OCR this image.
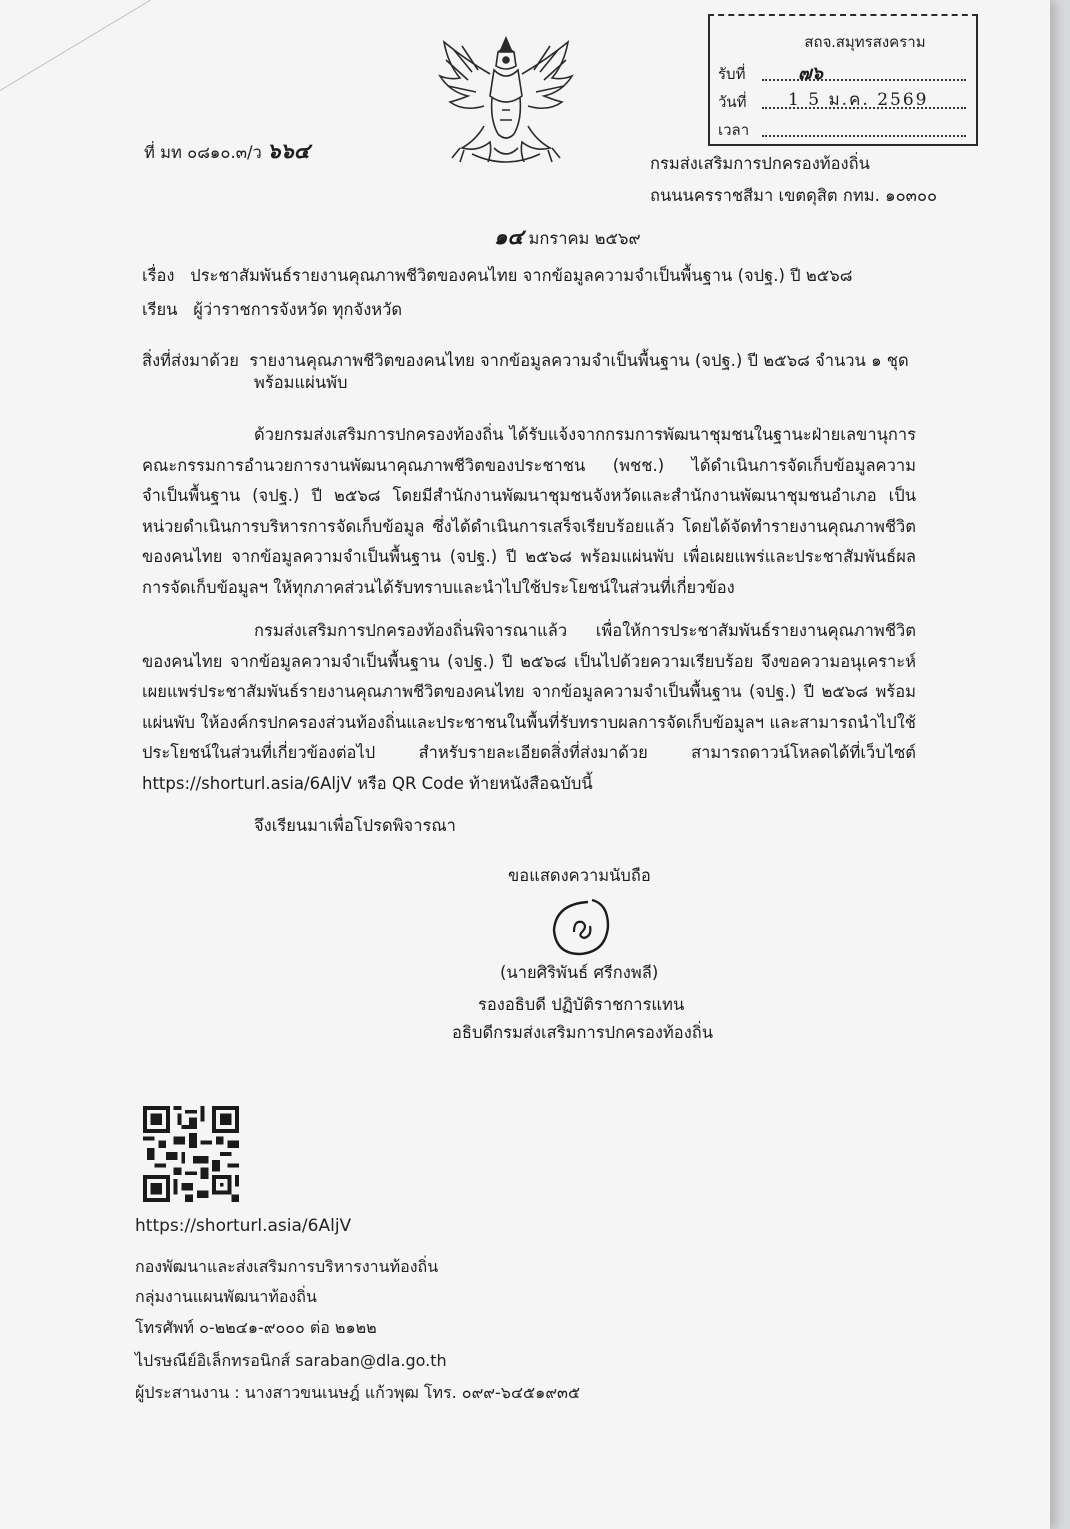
สถจ.สมุทรสงคราม
รับที่	๗๖
วันที่ 1 5 ม.ค. 2569
เวลา
ที่ มท ๐๘๑๐.๓/ว ๖๖๔
กรมส่งเสริมการปกครองท้องถิ่น
ถนนนครราชสีมา เขตดุสิต กทม. ๑๐๓๐๐
๑๔ มกราคม ๒๕๖๙
เรื่อง ประชาสัมพันธ์รายงานคุณภาพชีวิตของคนไทย จากข้อมูลความจำเป็นพื้นฐาน (จปฐ.) ปี ๒๕๖๘
เรียน ผู้ว่าราชการจังหวัด ทุกจังหวัด
สิ่งที่ส่งมาด้วย รายงานคุณภาพชีวิตของคนไทย จากข้อมูลความจำเป็นพื้นฐาน (จปฐ.) ปี ๒๕๖๘ จำนวน ๑ ชุด
พร้อมแผ่นพับ
ด้วยกรมส่งเสริมการปกครองท้องถิ่น ได้รับแจ้งจากกรมการพัฒนาชุมชนในฐานะฝ่ายเลขานุการคณะกรรมการอำนวยการงานพัฒนาคุณภาพชีวิตของประชาชน (พชช.) ได้ดำเนินการจัดเก็บข้อมูลความจำเป็นพื้นฐาน (จปฐ.) ปี ๒๕๖๘ โดยมีสำนักงานพัฒนาชุมชนจังหวัดและสำนักงานพัฒนาชุมชนอำเภอ เป็นหน่วยดำเนินการบริหารการจัดเก็บข้อมูล ซึ่งได้ดำเนินการเสร็จเรียบร้อยแล้ว โดยได้จัดทำรายงานคุณภาพชีวิตของคนไทย จากข้อมูลความจำเป็นพื้นฐาน (จปฐ.) ปี ๒๕๖๘ พร้อมแผ่นพับ เพื่อเผยแพร่และประชาสัมพันธ์ผลการจัดเก็บข้อมูลฯ ให้ทุกภาคส่วนได้รับทราบและนำไปใช้ประโยชน์ในส่วนที่เกี่ยวข้อง
กรมส่งเสริมการปกครองท้องถิ่นพิจารณาแล้ว เพื่อให้การประชาสัมพันธ์รายงานคุณภาพชีวิตของคนไทย จากข้อมูลความจำเป็นพื้นฐาน (จปฐ.) ปี ๒๕๖๘ เป็นไปด้วยความเรียบร้อย จึงขอความอนุเคราะห์เผยแพร่ประชาสัมพันธ์รายงานคุณภาพชีวิตของคนไทย จากข้อมูลความจำเป็นพื้นฐาน (จปฐ.) ปี ๒๕๖๘ พร้อมแผ่นพับ ให้องค์กรปกครองส่วนท้องถิ่นและประชาชนในพื้นที่รับทราบผลการจัดเก็บข้อมูลฯ และสามารถนำไปใช้ประโยชน์ในส่วนที่เกี่ยวข้องต่อไป สำหรับรายละเอียดสิ่งที่ส่งมาด้วย สามารถดาวน์โหลดได้ที่เว็บไซต์ https://shorturl.asia/6AljV หรือ QR Code ท้ายหนังสือฉบับนี้
จึงเรียนมาเพื่อโปรดพิจารณา
ขอแสดงความนับถือ
(นายศิริพันธ์ ศรีกงพลี)
รองอธิบดี ปฏิบัติราชการแทน
อธิบดีกรมส่งเสริมการปกครองท้องถิ่น
https://shorturl.asia/6AljV
กองพัฒนาและส่งเสริมการบริหารงานท้องถิ่น
กลุ่มงานแผนพัฒนาท้องถิ่น
โทรศัพท์ ๐-๒๒๔๑-๙๐๐๐ ต่อ ๒๑๒๒
ไปรษณีย์อิเล็กทรอนิกส์ saraban@dla.go.th
ผู้ประสานงาน : นางสาวขนเนษฎ์ แก้วพุฒ โทร. ๐๙๙-๖๔๕๑๙๓๕
